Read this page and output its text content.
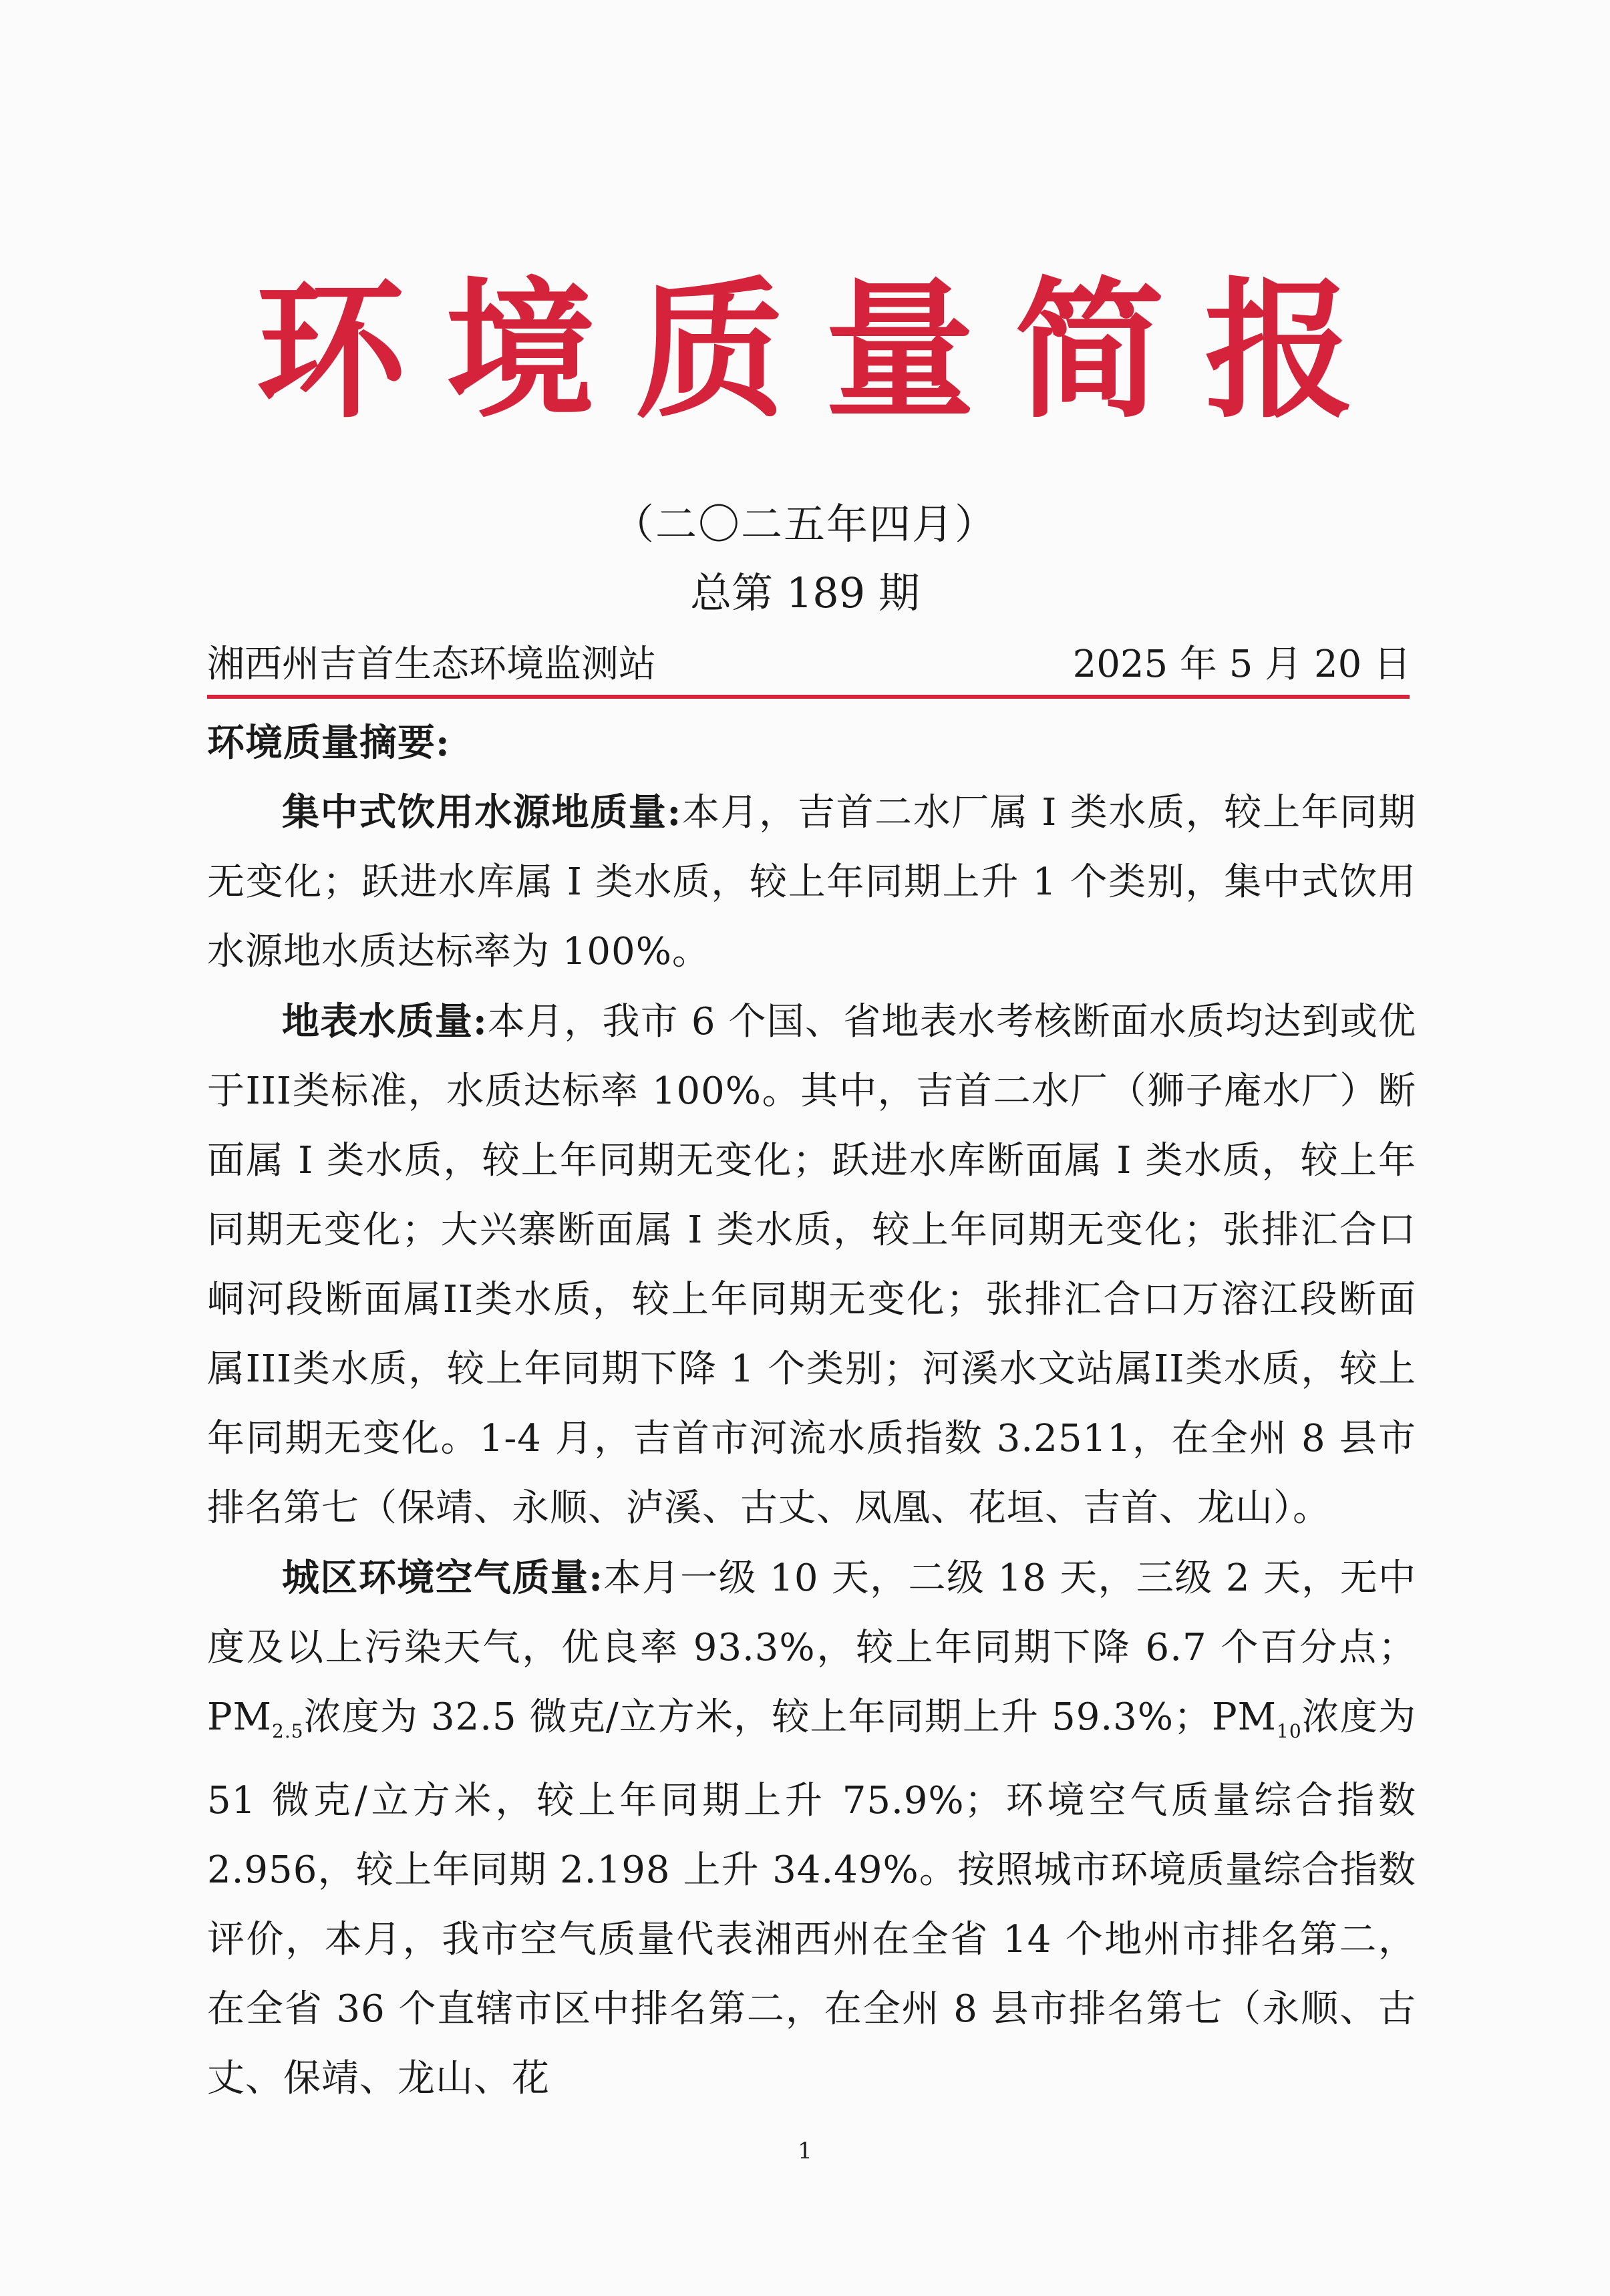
环境质量简报
（二〇二五年四月）
总第 189 期
湘西州吉首生态环境监测站	2025 年 5 月 20 日

环境质量摘要:

集中式饮用水源地质量:本月，吉首二水厂属 I 类水质，较上年同期无变化；跃进水库属 I 类水质，较上年同期上升 1 个类别，集中式饮用水源地水质达标率为 100%。

地表水质量:本月，我市 6 个国、省地表水考核断面水质均达到或优于III类标准，水质达标率 100%。其中，吉首二水厂（狮子庵水厂）断面属 I 类水质，较上年同期无变化；跃进水库断面属 I 类水质，较上年同期无变化；大兴寨断面属 I 类水质，较上年同期无变化；张排汇合口峒河段断面属II类水质，较上年同期无变化；张排汇合口万溶江段断面属III类水质，较上年同期下降 1 个类别；河溪水文站属II类水质，较上年同期无变化。1-4 月，吉首市河流水质指数 3.2511，在全州 8 县市排名第七（保靖、永顺、泸溪、古丈、凤凰、花垣、吉首、龙山）。

城区环境空气质量:本月一级 10 天，二级 18 天，三级 2 天，无中度及以上污染天气，优良率 93.3%，较上年同期下降 6.7 个百分点；$PM_{2.5}$浓度为 32.5 微克/立方米，较上年同期上升 59.3%；$PM_{10}$浓度为 51 微克/立方米，较上年同期上升 75.9%；环境空气质量综合指数 2.956，较上年同期 2.198 上升 34.49%。按照城市环境质量综合指数评价，本月，我市空气质量代表湘西州在全省 14 个地州市排名第二，在全省 36 个直辖市区中排名第二，在全州 8 县市排名第七（永顺、古丈、保靖、龙山、花

1
